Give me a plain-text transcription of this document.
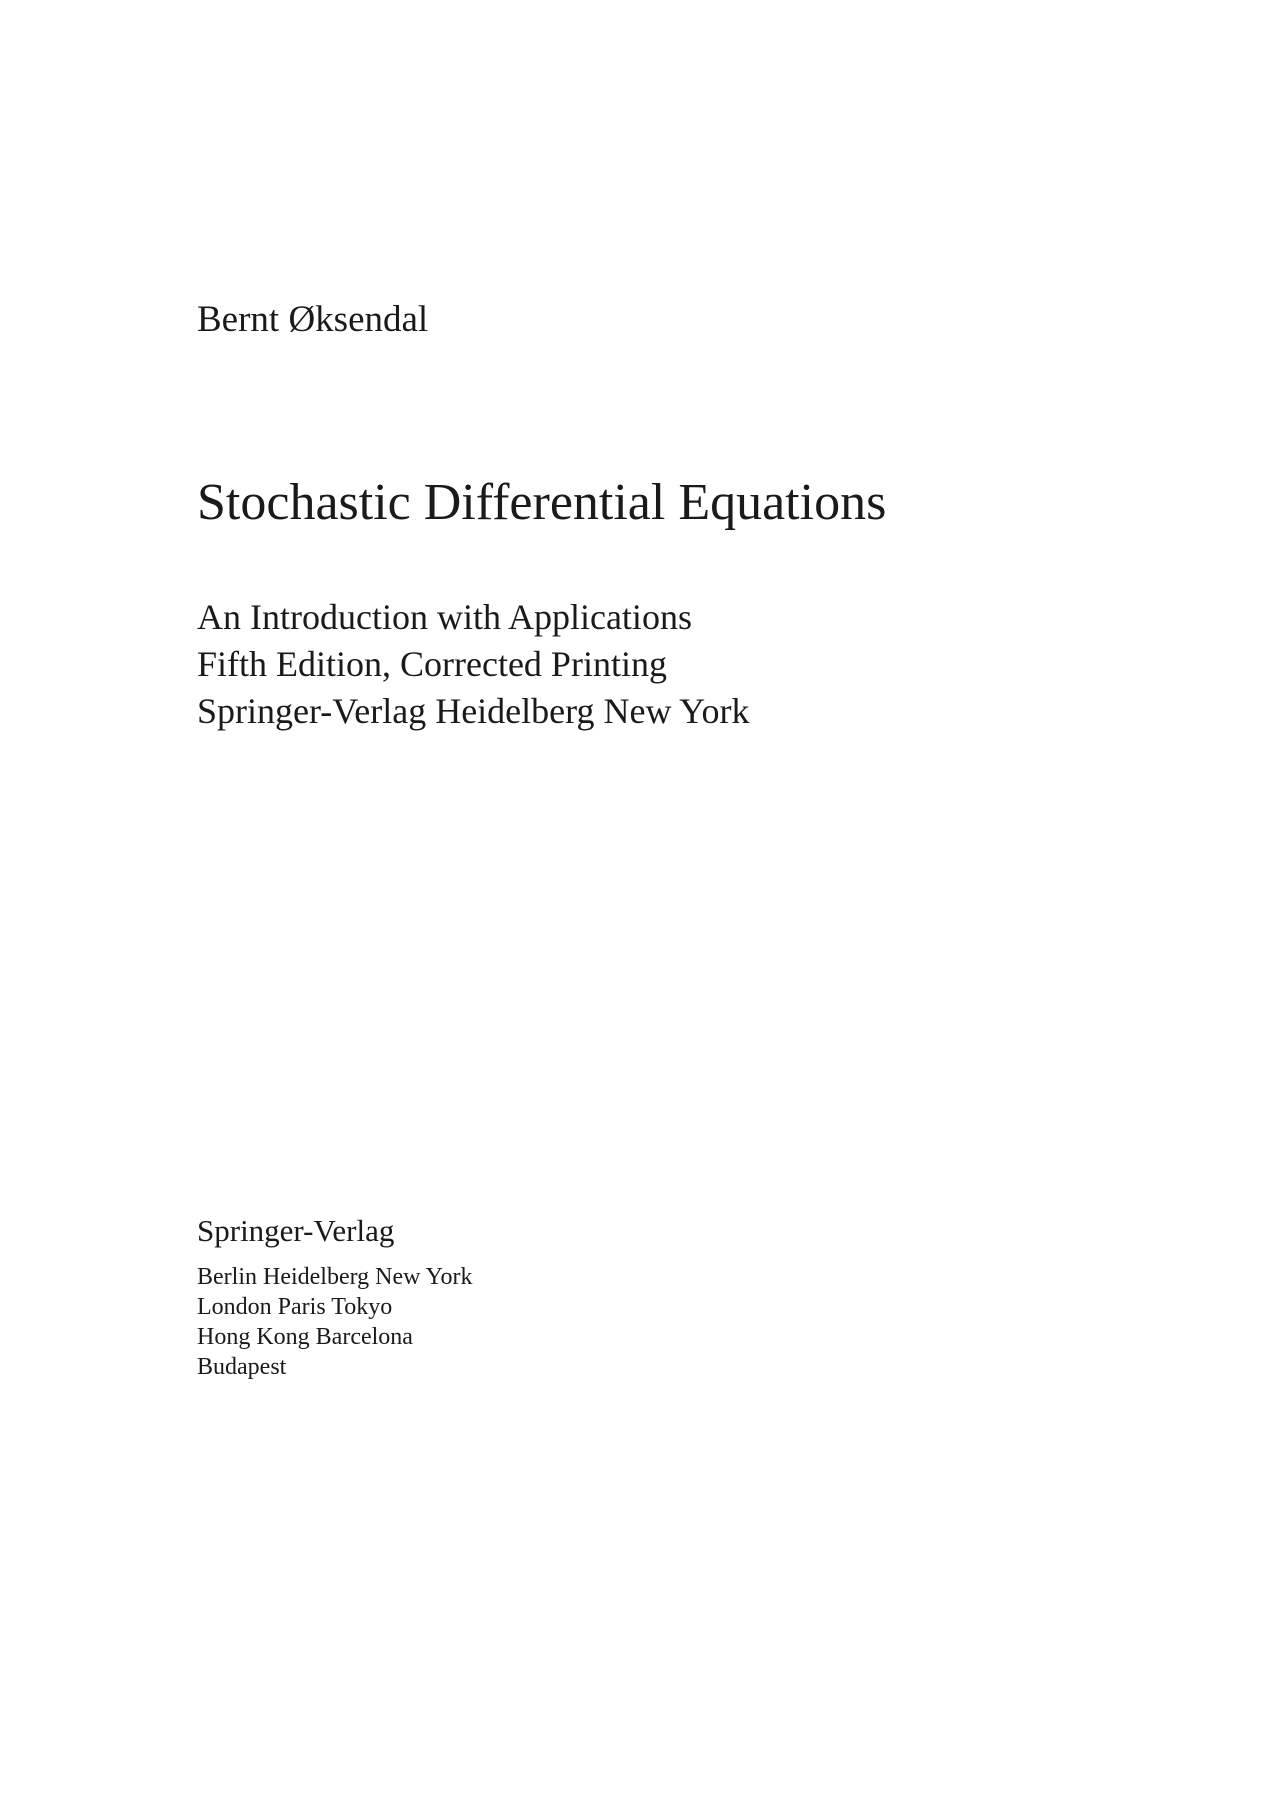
Bernt Øksendal
Stochastic Differential Equations
An Introduction with Applications
Fifth Edition, Corrected Printing
Springer-Verlag Heidelberg New York
Springer-Verlag
Berlin Heidelberg New York
London Paris Tokyo
Hong Kong Barcelona
Budapest
